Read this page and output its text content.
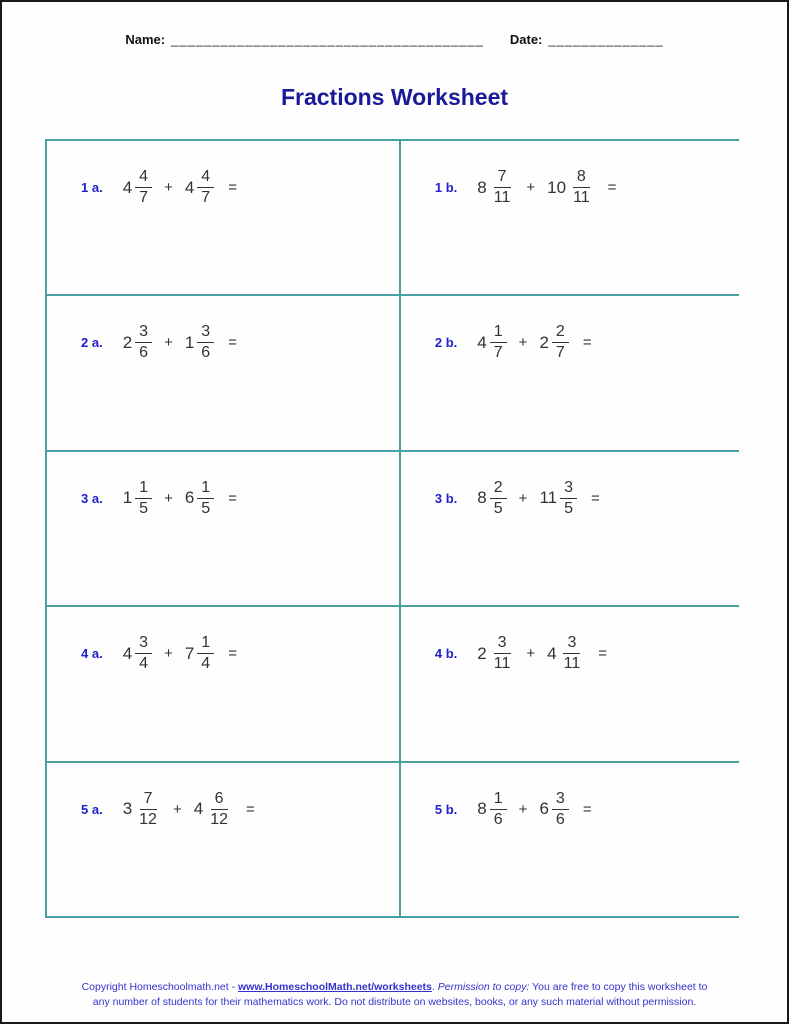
Name: ______________________________________ Date: ______________
Fractions Worksheet
1 a. $4 \frac{4}{7} + 4 \frac{4}{7}$ =	1 b. $8 \frac{7}{11} + 10 \frac{8}{11}$ =
2 a. $2 \frac{3}{6} + 1 \frac{3}{6}$ =	2 b. $4 \frac{1}{7} + 2 \frac{2}{7}$ =
3 a. $1 \frac{1}{5} + 6 \frac{1}{5}$ =	3 b. $8 \frac{2}{5} + 11 \frac{3}{5}$ =
4 a. $4 \frac{3}{4} + 7 \frac{1}{4}$ =	4 b. $2 \frac{3}{11} + 4 \frac{3}{11}$ =
5 a. $3 \frac{7}{12} + 4 \frac{6}{12}$ =	5 b. $8 \frac{1}{6} + 6 \frac{3}{6}$ =
Copyright Homeschoolmath.net - www.HomeschoolMath.net/worksheets. Permission to copy: You are free to copy this worksheet to any number of students for their mathematics work. Do not distribute on websites, books, or any such material without permission.
